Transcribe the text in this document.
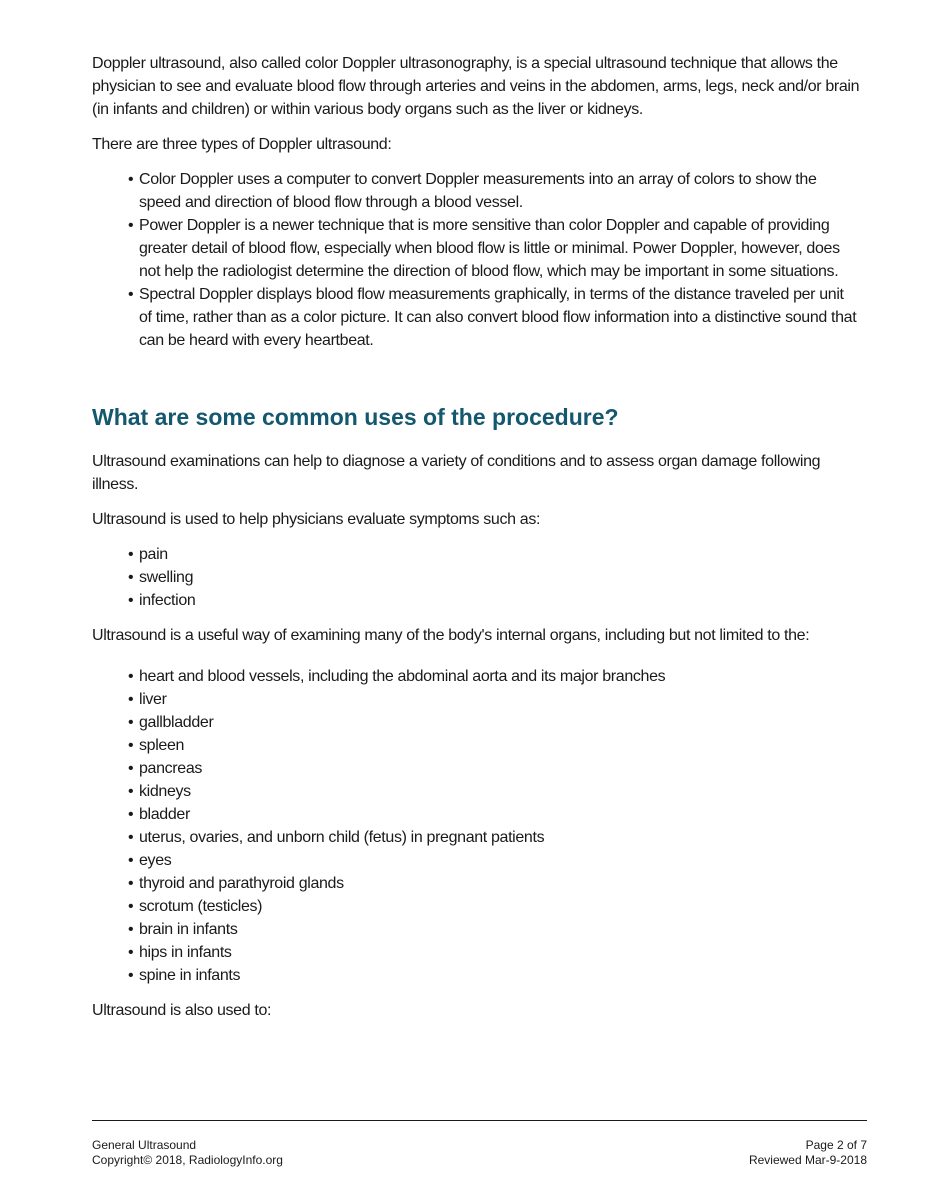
Doppler ultrasound, also called color Doppler ultrasonography, is a special ultrasound technique that allows the physician to see and evaluate blood flow through arteries and veins in the abdomen, arms, legs, neck and/or brain (in infants and children) or within various body organs such as the liver or kidneys.

There are three types of Doppler ultrasound:

• Color Doppler uses a computer to convert Doppler measurements into an array of colors to show the speed and direction of blood flow through a blood vessel.
• Power Doppler is a newer technique that is more sensitive than color Doppler and capable of providing greater detail of blood flow, especially when blood flow is little or minimal. Power Doppler, however, does not help the radiologist determine the direction of blood flow, which may be important in some situations.
• Spectral Doppler displays blood flow measurements graphically, in terms of the distance traveled per unit of time, rather than as a color picture. It can also convert blood flow information into a distinctive sound that can be heard with every heartbeat.
What are some common uses of the procedure?

Ultrasound examinations can help to diagnose a variety of conditions and to assess organ damage following illness.

Ultrasound is used to help physicians evaluate symptoms such as:

• pain
• swelling
• infection

Ultrasound is a useful way of examining many of the body's internal organs, including but not limited to the:

• heart and blood vessels, including the abdominal aorta and its major branches
• liver
• gallbladder
• spleen
• pancreas
• kidneys
• bladder
• uterus, ovaries, and unborn child (fetus) in pregnant patients
• eyes
• thyroid and parathyroid glands
• scrotum (testicles)
• brain in infants
• hips in infants
• spine in infants

Ultrasound is also used to:

General Ultrasound	Page 2 of 7
Copyright© 2018, RadiologyInfo.org	Reviewed Mar-9-2018
